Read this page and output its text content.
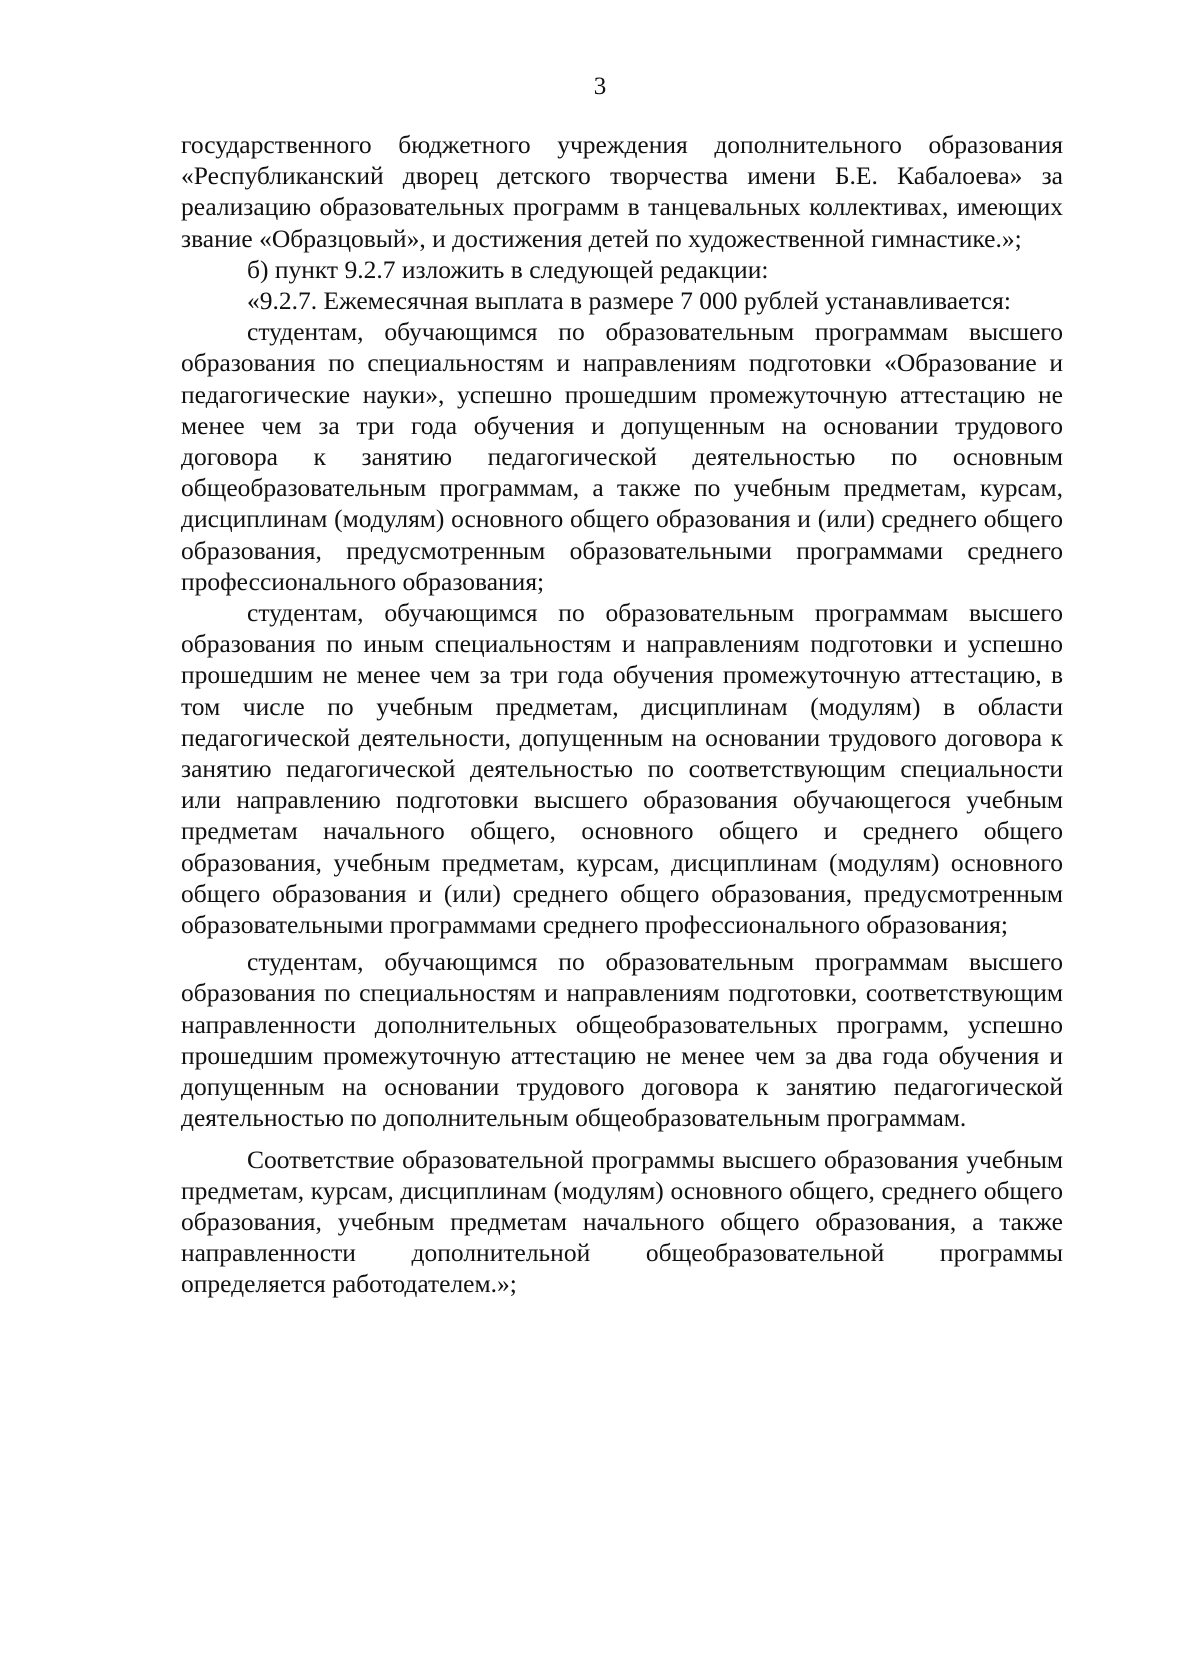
3

государственного бюджетного учреждения дополнительного образования «Республиканский дворец детского творчества имени Б.Е. Кабалоева» за реализацию образовательных программ в танцевальных коллективах, имеющих звание «Образцовый», и достижения детей по художественной гимнастике.»;

б) пункт 9.2.7 изложить в следующей редакции:

«9.2.7. Ежемесячная выплата в размере 7 000 рублей устанавливается:

студентам, обучающимся по образовательным программам высшего образования по специальностям и направлениям подготовки «Образование и педагогические науки», успешно прошедшим промежуточную аттестацию не менее чем за три года обучения и допущенным на основании трудового договора к занятию педагогической деятельностью по основным общеобразовательным программам, а также по учебным предметам, курсам, дисциплинам (модулям) основного общего образования и (или) среднего общего образования, предусмотренным образовательными программами среднего профессионального образования;

студентам, обучающимся по образовательным программам высшего образования по иным специальностям и направлениям подготовки и успешно прошедшим не менее чем за три года обучения промежуточную аттестацию, в том числе по учебным предметам, дисциплинам (модулям) в области педагогической деятельности, допущенным на основании трудового договора к занятию педагогической деятельностью по соответствующим специальности или направлению подготовки высшего образования обучающегося учебным предметам начального общего, основного общего и среднего общего образования, учебным предметам, курсам, дисциплинам (модулям) основного общего образования и (или) среднего общего образования, предусмотренным образовательными программами среднего профессионального образования;

студентам, обучающимся по образовательным программам высшего образования по специальностям и направлениям подготовки, соответствующим направленности дополнительных общеобразовательных программ, успешно прошедшим промежуточную аттестацию не менее чем за два года обучения и допущенным на основании трудового договора к занятию педагогической деятельностью по дополнительным общеобразовательным программам.

Соответствие образовательной программы высшего образования учебным предметам, курсам, дисциплинам (модулям) основного общего, среднего общего образования, учебным предметам начального общего образования, а также направленности дополнительной общеобразовательной программы определяется работодателем.»;
